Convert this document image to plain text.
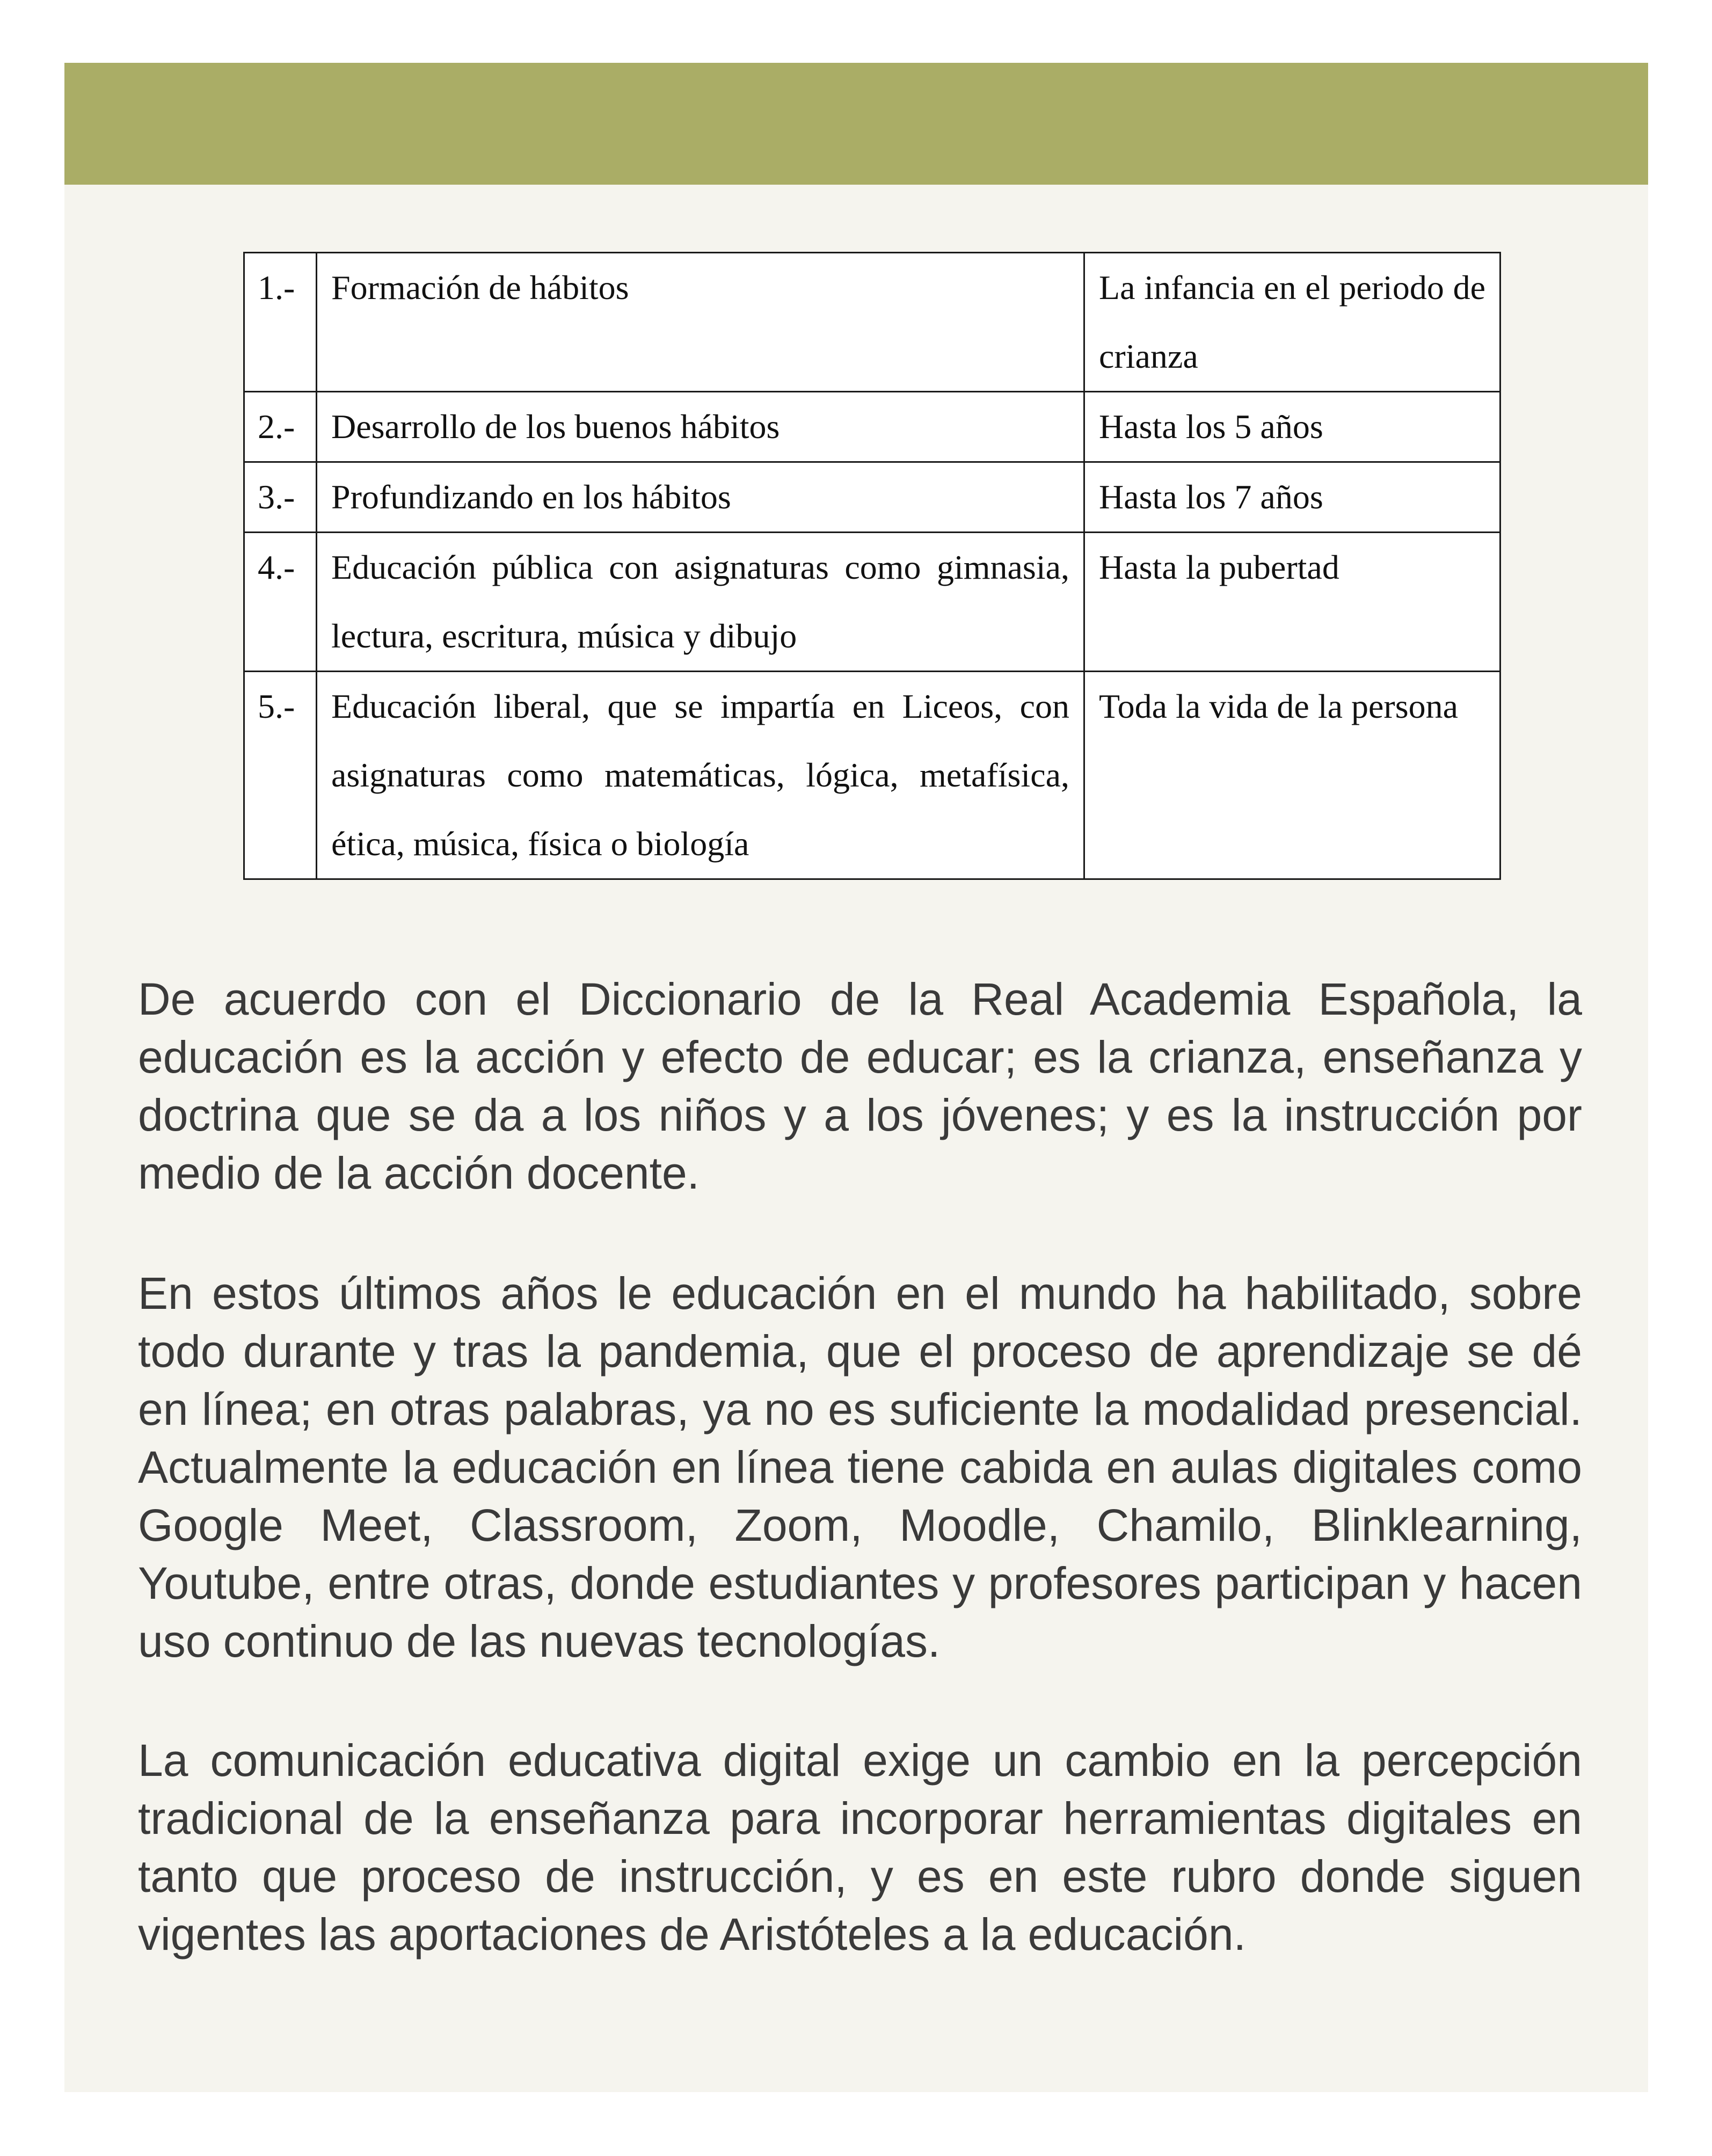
1.-	Formación de hábitos	La infancia en el periodo de crianza
2.-	Desarrollo de los buenos hábitos	Hasta los 5 años
3.-	Profundizando en los hábitos	Hasta los 7 años
4.-	Educación pública con asignaturas como gimnasia, lectura, escritura, música y dibujo	Hasta la pubertad
5.-	Educación liberal, que se impartía en Liceos, con asignaturas como matemáticas, lógica, metafísica, ética, música, física o biología	Toda la vida de la persona

De acuerdo con el Diccionario de la Real Academia Española, la educación es la acción y efecto de educar; es la crianza, enseñanza y doctrina que se da a los niños y a los jóvenes; y es la instrucción por medio de la acción docente.

En estos últimos años le educación en el mundo ha habilitado, sobre todo durante y tras la pandemia, que el proceso de aprendizaje se dé en línea; en otras palabras, ya no es suficiente la modalidad presencial. Actualmente la educación en línea tiene cabida en aulas digitales como Google Meet, Classroom, Zoom, Moodle, Chamilo, Blinklearning, Youtube, entre otras, donde estudiantes y profesores participan y hacen uso continuo de las nuevas tecnologías.

La comunicación educativa digital exige un cambio en la percepción tradicional de la enseñanza para incorporar herramientas digitales en tanto que proceso de instrucción, y es en este rubro donde siguen vigentes las aportaciones de Aristóteles a la educación.
